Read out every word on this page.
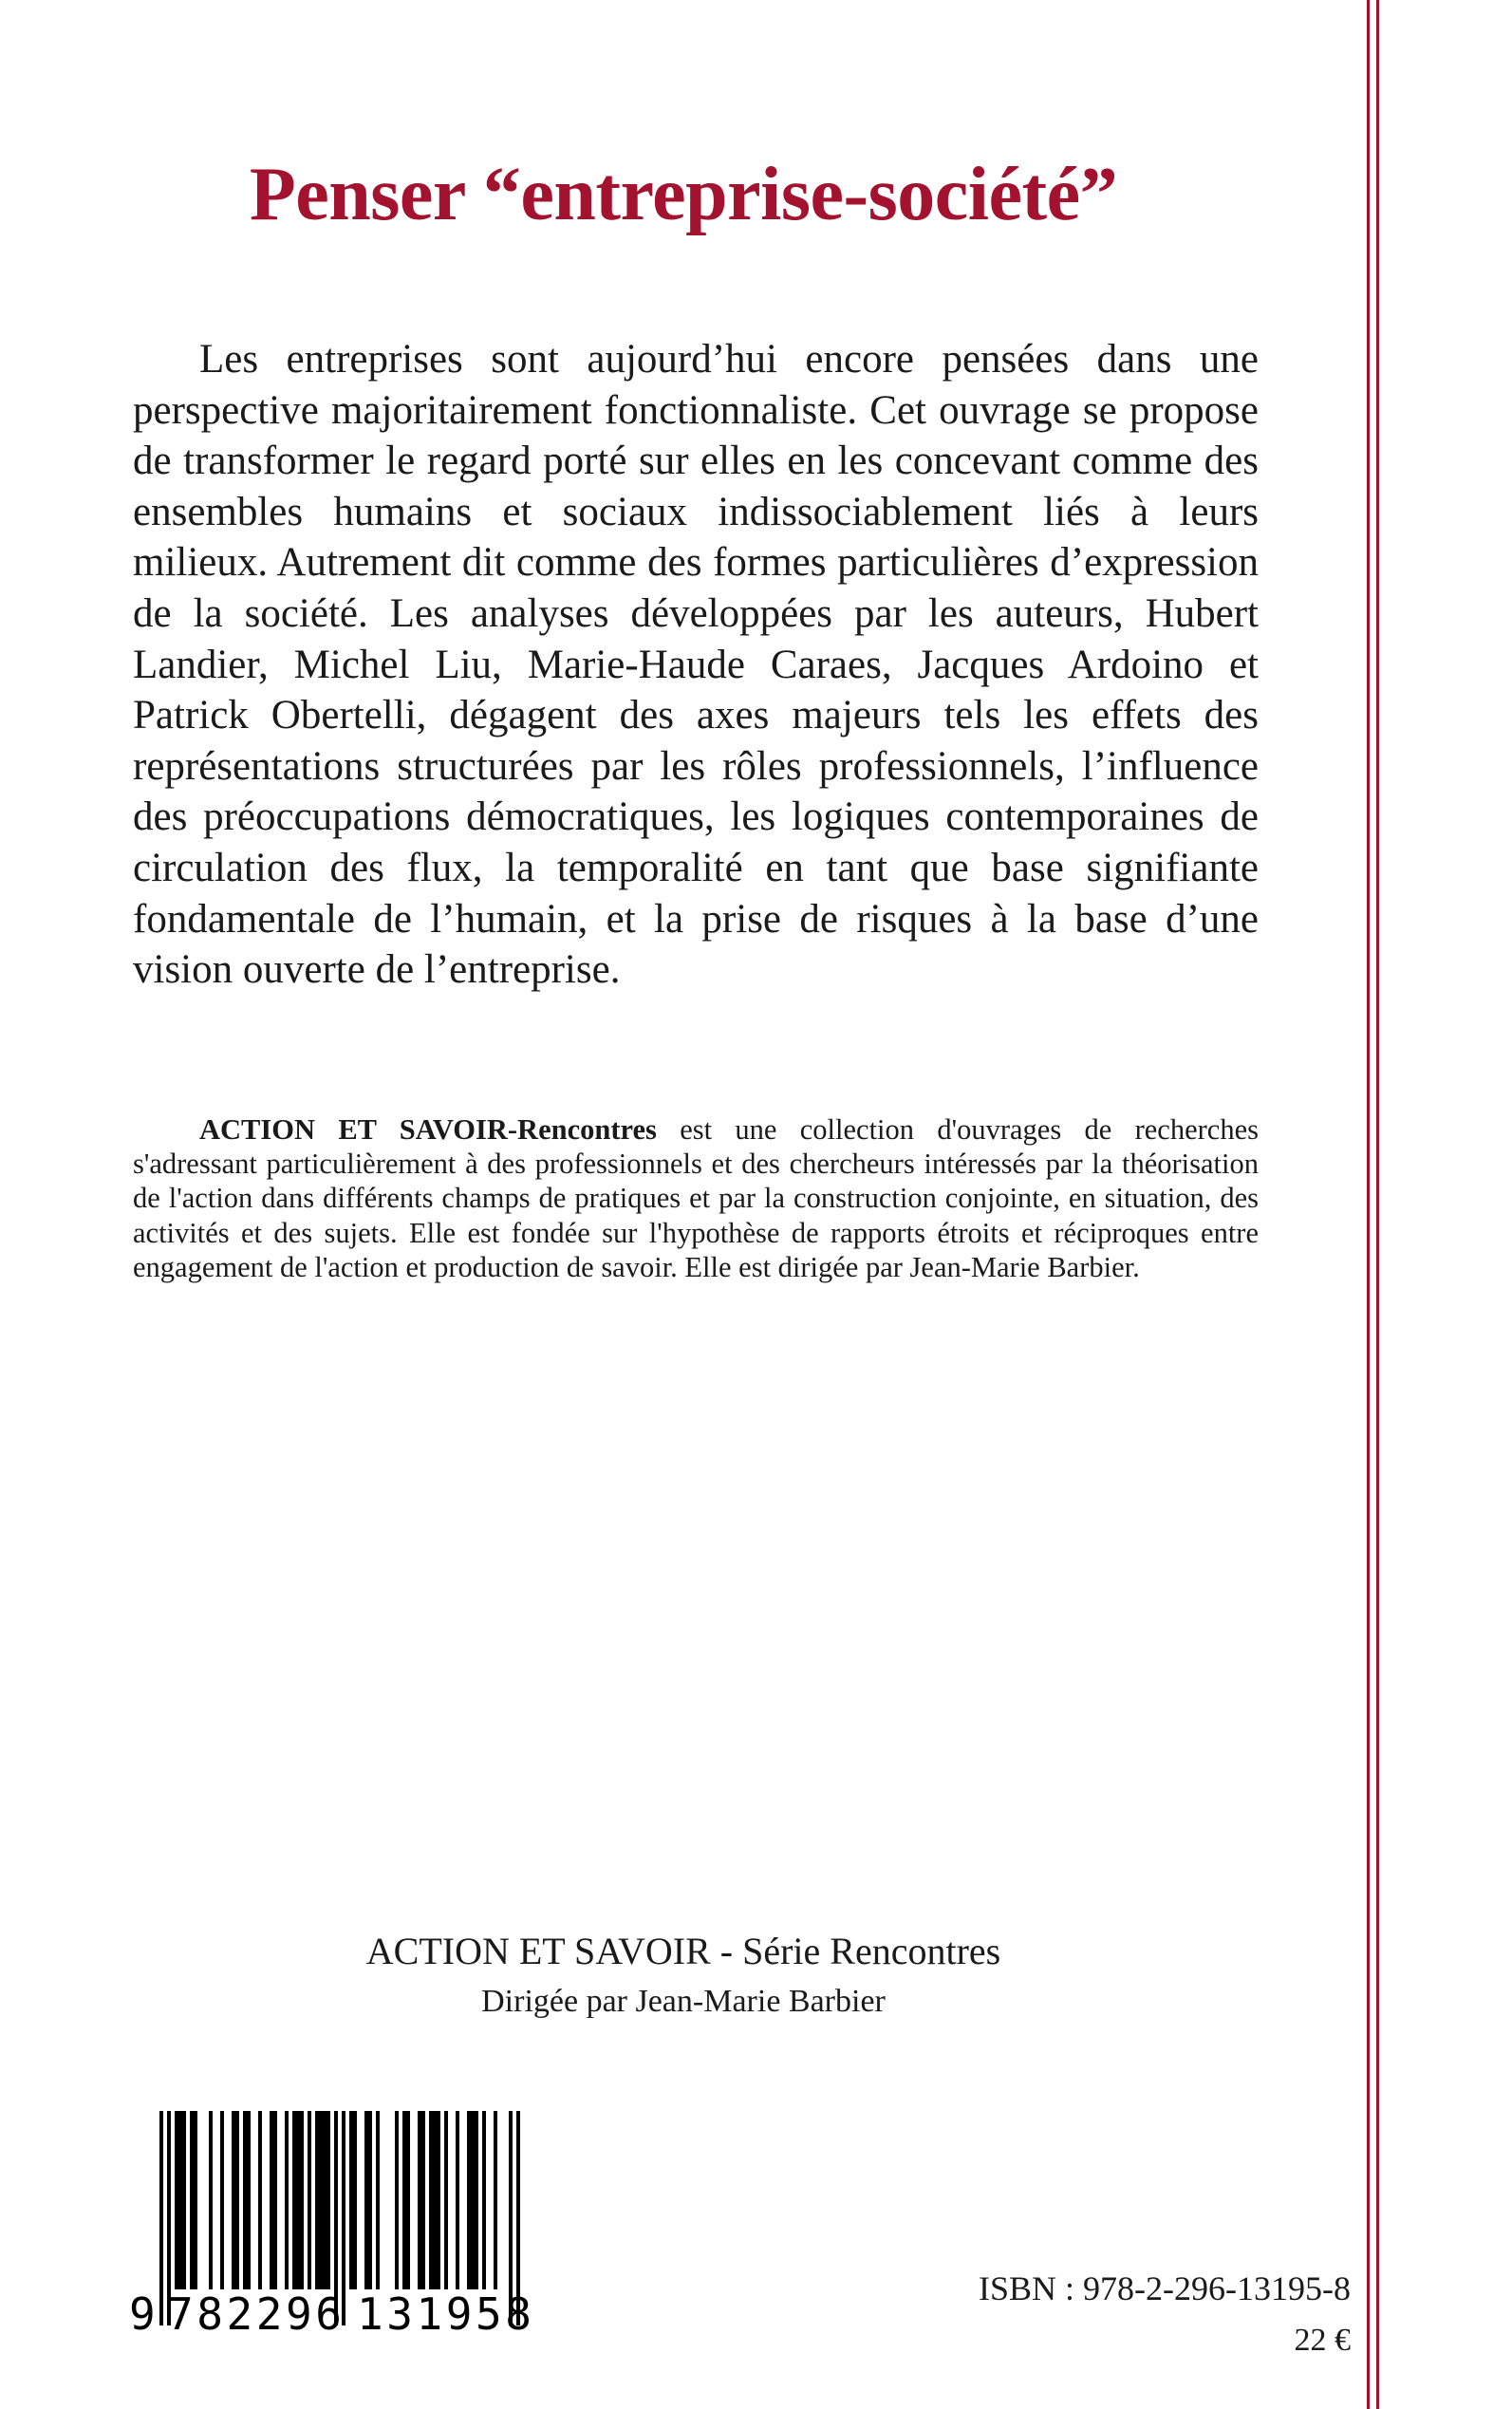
Penser “entreprise-société”

Les entreprises sont aujourd’hui encore pensées dans une perspective majoritairement fonctionnaliste. Cet ouvrage se propose de transformer le regard porté sur elles en les concevant comme des ensembles humains et sociaux indissociablement liés à leurs milieux. Autrement dit comme des formes particulières d’expression de la société. Les analyses développées par les auteurs, Hubert Landier, Michel Liu, Marie-Haude Caraes, Jacques Ardoino et Patrick Obertelli, dégagent des axes majeurs tels les effets des représentations structurées par les rôles professionnels, l’influence des préoccupations démocratiques, les logiques contemporaines de circulation des flux, la temporalité en tant que base signifiante fondamentale de l’humain, et la prise de risques à la base d’une vision ouverte de l’entreprise.

ACTION ET SAVOIR-Rencontres est une collection d'ouvrages de recherches s'adressant particulièrement à des professionnels et des chercheurs intéressés par la théorisation de l'action dans différents champs de pratiques et par la construction conjointe, en situation, des activités et des sujets. Elle est fondée sur l'hypothèse de rapports étroits et réciproques entre engagement de l'action et production de savoir. Elle est dirigée par Jean-Marie Barbier.

ACTION ET SAVOIR - Série Rencontres

Dirigée par Jean-Marie Barbier

9 782296 131958	ISBN : 978-2-296-13195-8

22 €
